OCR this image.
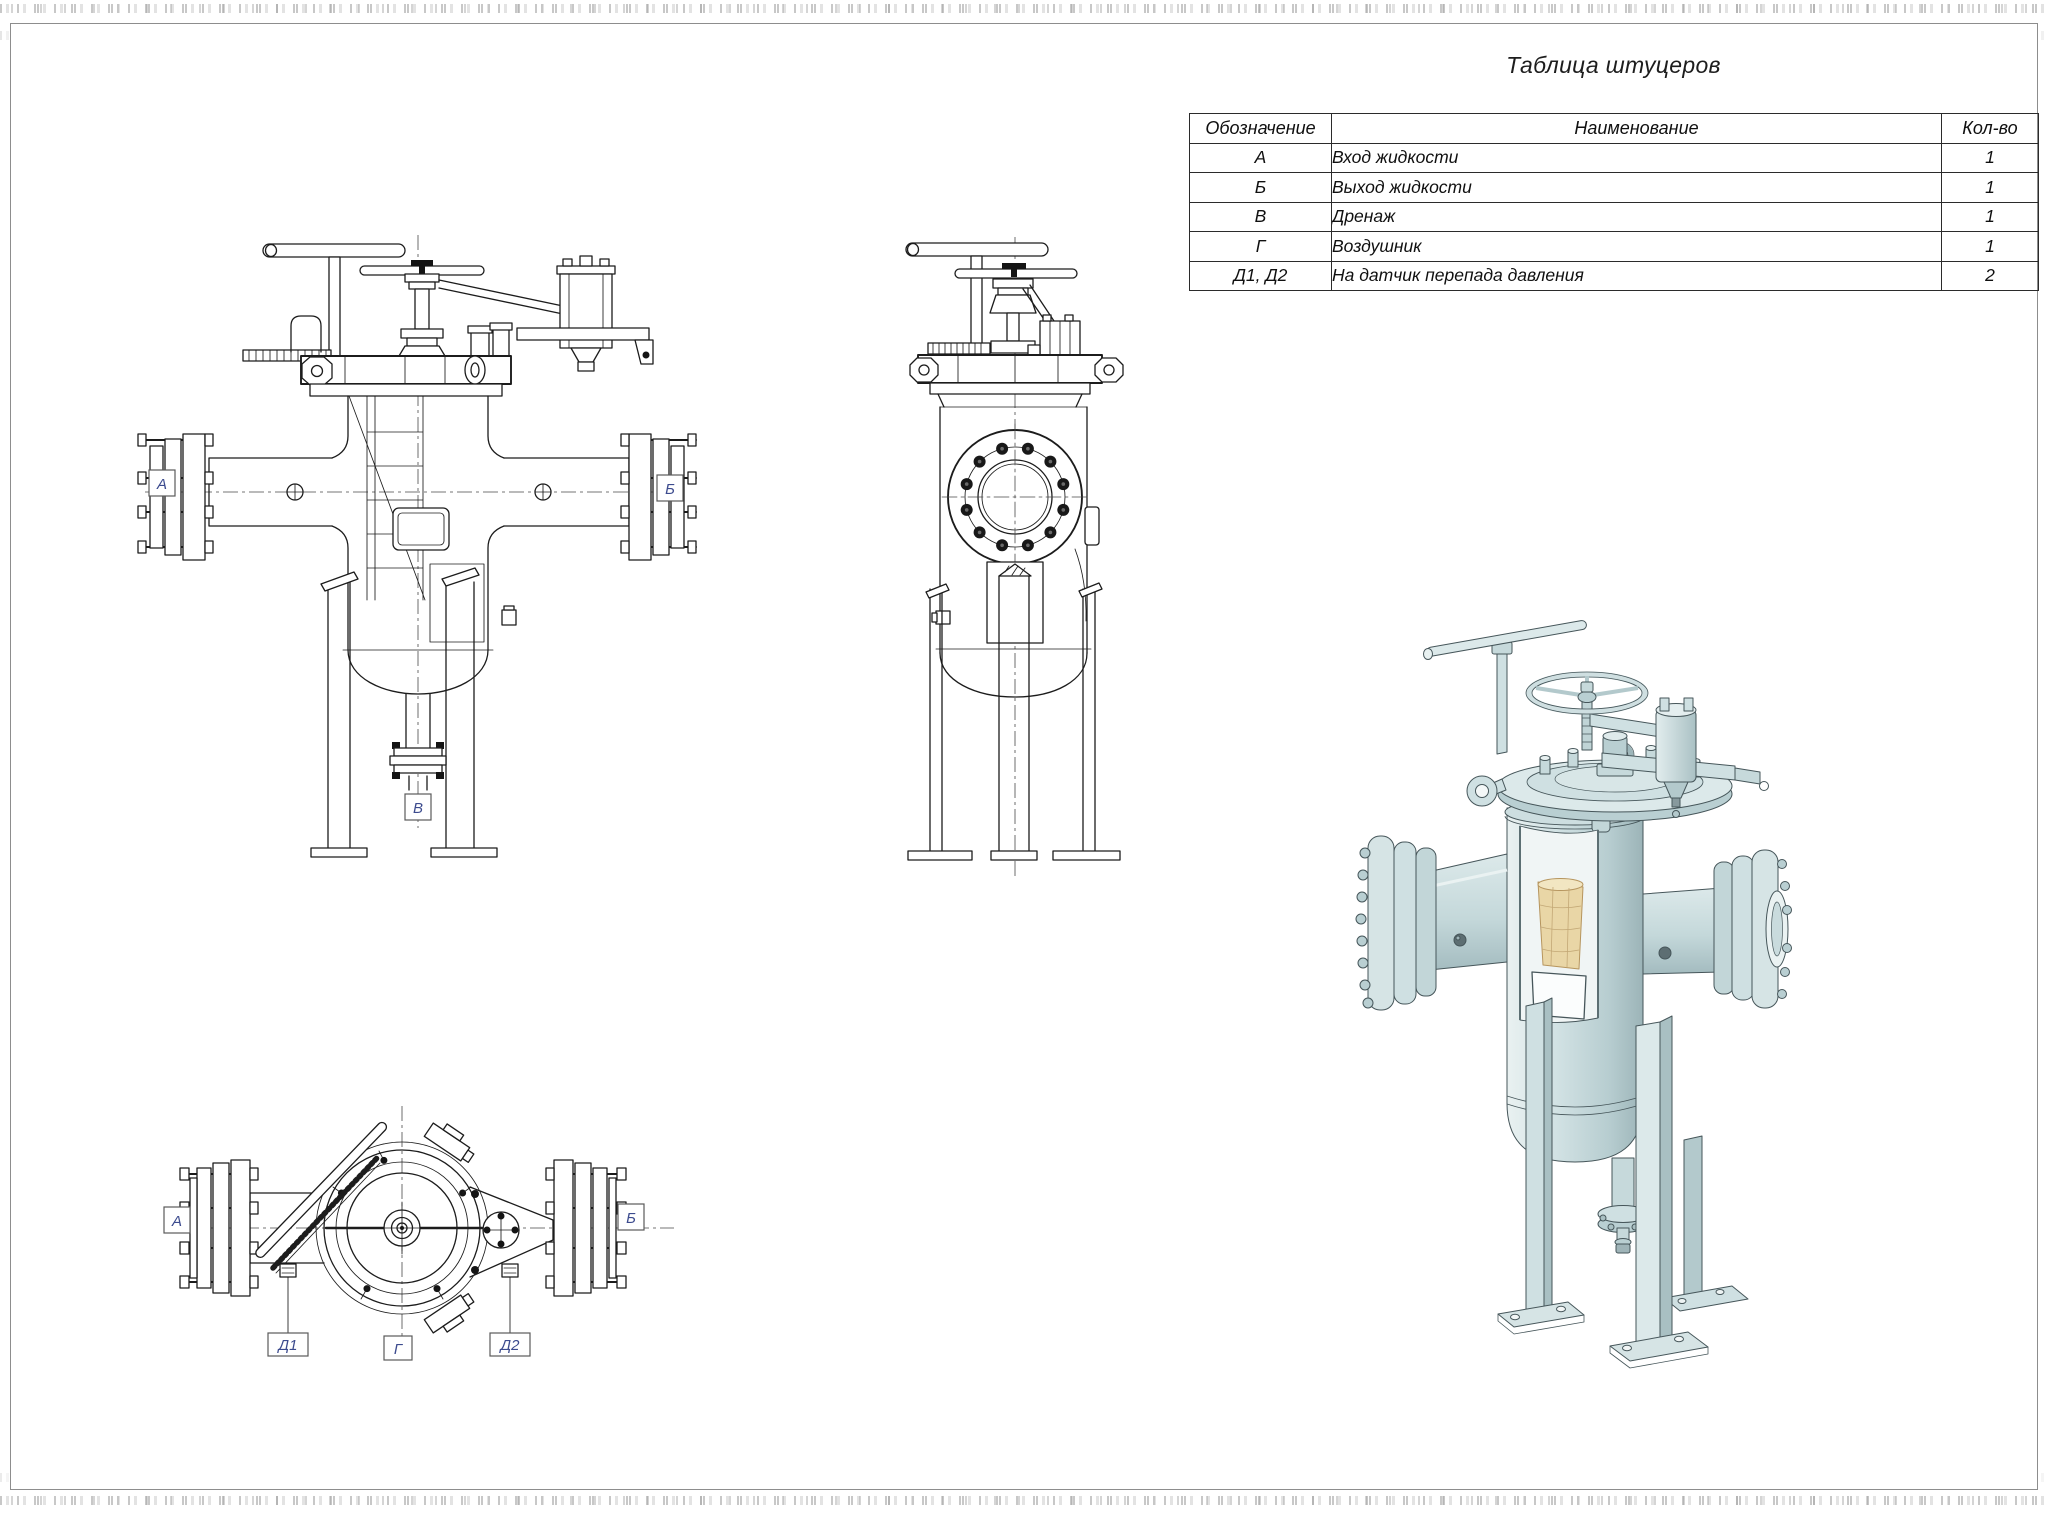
Таблица штуцеров
Обозначение	Наименование	Кол-во
А	Вход жидкости	1
Б	Выход жидкости	1
В	Дренаж	1
Г	Воздушник	1
Д1, Д2	На датчик перепада давления	2
А	Б
В
А	Б
Д1	Г	Д2
